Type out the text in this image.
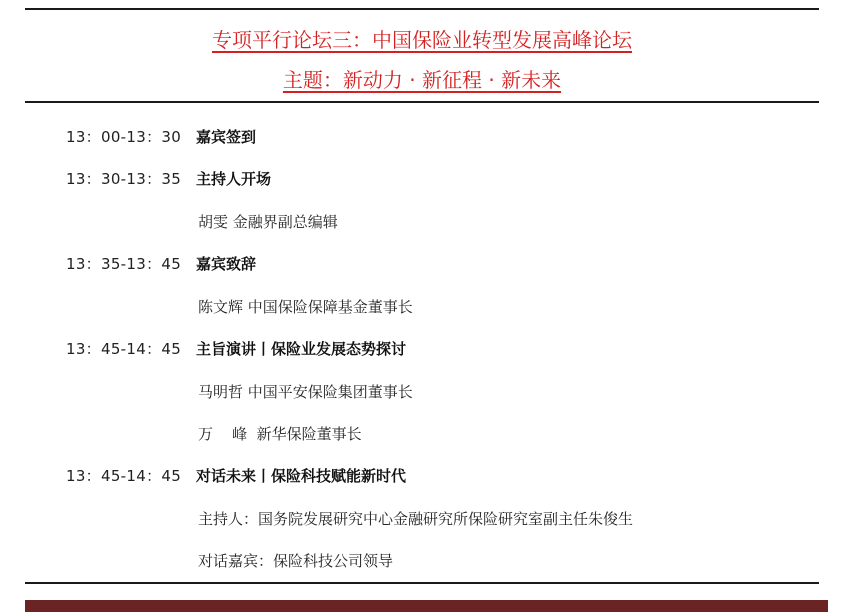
专项平行论坛三：中国保险业转型发展高峰论坛
主题：新动力 · 新征程 · 新未来
13：00-13：30 嘉宾签到
13：30-13：35 主持人开场
胡雯 金融界副总编辑
13：35-13：45 嘉宾致辞
陈文辉 中国保险保障基金董事长
13：45-14：45 主旨演讲丨保险业发展态势探讨
马明哲 中国平安保险集团董事长
万    峰  新华保险董事长
13：45-14：45 对话未来丨保险科技赋能新时代
主持人：国务院发展研究中心金融研究所保险研究室副主任朱俊生
对话嘉宾：保险科技公司领导
